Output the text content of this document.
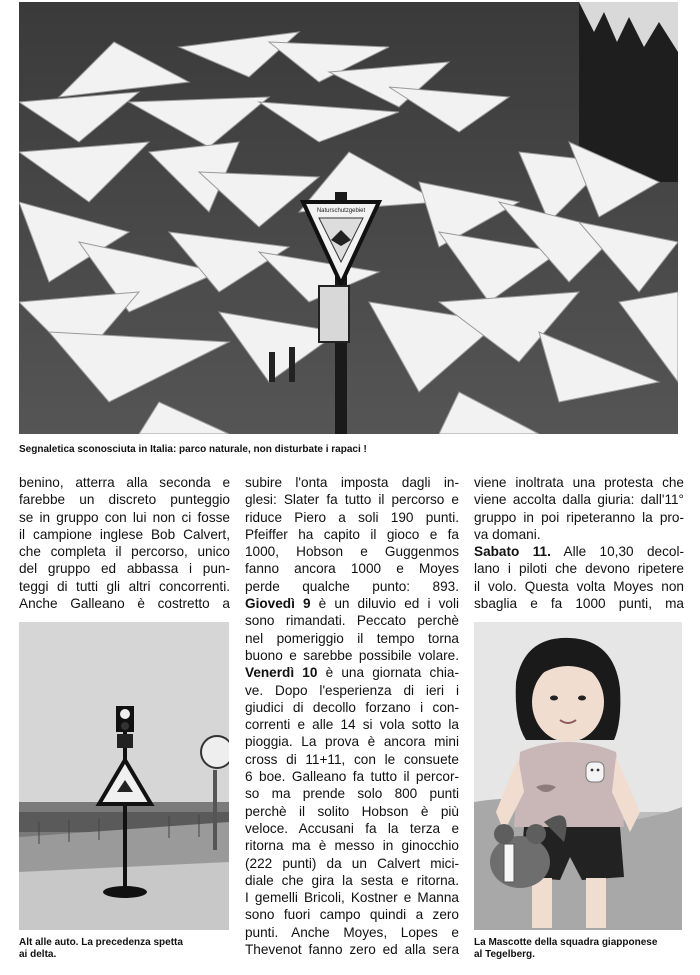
Naturschutzgebiet
Segnaletica sconosciuta in Italia: parco naturale, non disturbate i rapaci !
benino, atterra alla seconda e
farebbe un discreto punteggio
se in gruppo con lui non ci fosse
il campione inglese Bob Calvert,
che completa il percorso, unico
del gruppo ed abbassa i pun-
teggi di tutti gli altri concorrenti.
Anche Galleano è costretto a
Alt alle auto. La precedenza spetta
ai delta.
subire l'onta imposta dagli in-
glesi: Slater fa tutto il percorso e
riduce Piero a soli 190 punti.
Pfeiffer ha capito il gioco e fa
1000, Hobson e Guggenmos
fanno ancora 1000 e Moyes
perde qualche punto: 893.
Giovedì 9 è un diluvio ed i voli
sono rimandati. Peccato perchè
nel pomeriggio il tempo torna
buono e sarebbe possibile volare.
Venerdì 10 è una giornata chia-
ve. Dopo l'esperienza di ieri i
giudici di decollo forzano i con-
correnti e alle 14 si vola sotto la
pioggia. La prova è ancora mini
cross di 11+11, con le consuete
6 boe. Galleano fa tutto il percor-
so ma prende solo 800 punti
perchè il solito Hobson è più
veloce. Accusani fa la terza e
ritorna ma è messo in ginocchio
(222 punti) da un Calvert mici-
diale che gira la sesta e ritorna.
I gemelli Bricoli, Kostner e Manna
sono fuori campo quindi a zero
punti. Anche Moyes, Lopes e
Thevenot fanno zero ed alla sera
viene inoltrata una protesta che
viene accolta dalla giuria: dall'11°
gruppo in poi ripeteranno la pro-
va domani.
Sabato 11. Alle 10,30 decol-
lano i piloti che devono ripetere
il volo. Questa volta Moyes non
sbaglia e fa 1000 punti, ma
La Mascotte della squadra giapponese
al Tegelberg.
